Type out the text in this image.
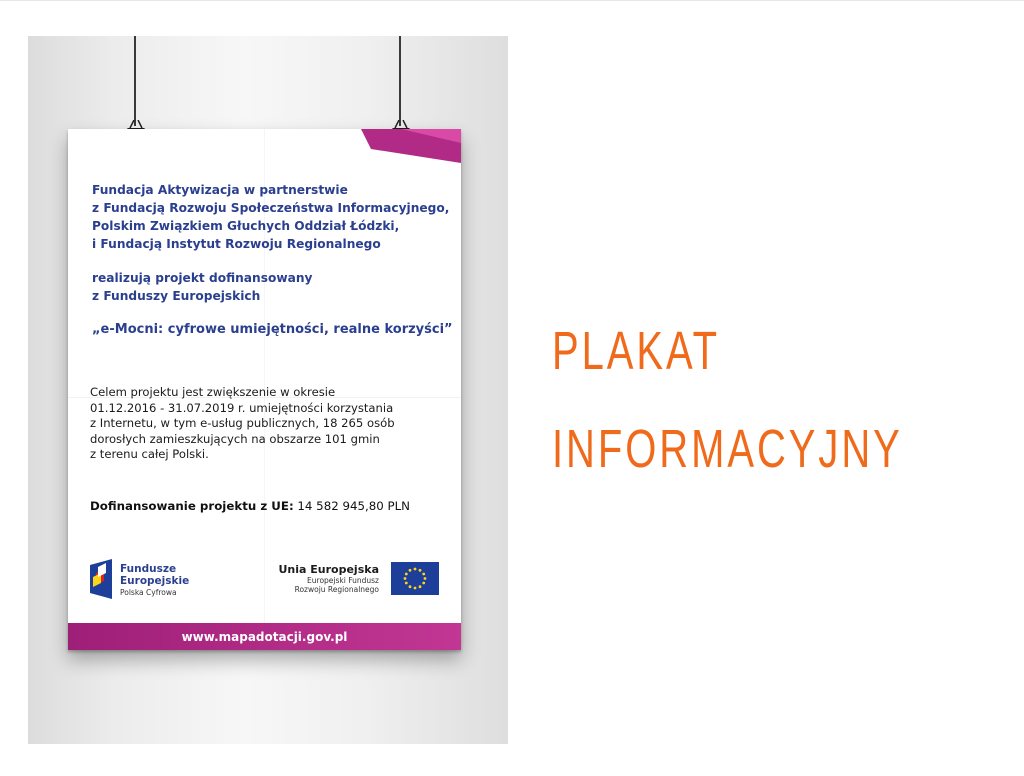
Fundacja Aktywizacja w partnerstwie
z Fundacją Rozwoju Społeczeństwa Informacyjnego,
Polskim Związkiem Głuchych Oddział Łódzki,
i Fundacją Instytut Rozwoju Regionalnego
realizują projekt dofinansowany
z Funduszy Europejskich
„e-Mocni: cyfrowe umiejętności, realne korzyści”
Celem projektu jest zwiększenie w okresie
01.12.2016 - 31.07.2019 r. umiejętności korzystania
z Internetu, w tym e-usług publicznych, 18 265 osób
dorosłych zamieszkujących na obszarze 101 gmin
z terenu całej Polski.
Dofinansowanie projektu z UE: 14 582 945,80 PLN
Fundusze
Europejskie
Polska Cyfrowa
Unia Europejska
Europejski Fundusz
Rozwoju Regionalnego
www.mapadotacji.gov.pl
PLAKAT
INFORMACYJNY
